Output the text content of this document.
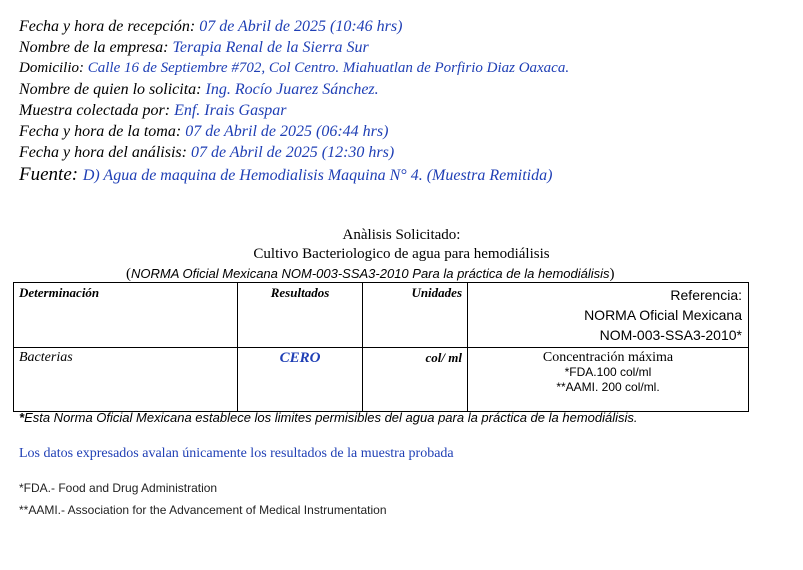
Fecha y hora de recepción: 07 de Abril de 2025 (10:46 hrs)
Nombre de la empresa: Terapia Renal de la Sierra Sur
Domicilio: Calle 16 de Septiembre #702, Col Centro. Miahuatlan de Porfirio Diaz Oaxaca.
Nombre de quien lo solicita: Ing. Rocío Juarez Sánchez.
Muestra colectada por: Enf. Irais Gaspar
Fecha y hora de la toma: 07 de Abril de 2025 (06:44 hrs)
Fecha y hora del análisis: 07 de Abril de 2025 (12:30 hrs)
Fuente: D) Agua de maquina de Hemodialisis Maquina N° 4. (Muestra Remitida)
Anàlisis Solicitado:
Cultivo Bacteriologico de agua para hemodiálisis
(NORMA Oficial Mexicana NOM-003-SSA3-2010 Para la práctica de la hemodiálisis)
Determinación	Resultados	Unidades	Referencia:
NORMA Oficial Mexicana
NOM-003-SSA3-2010*

Bacterias	CERO	col/ ml	Concentración máxima
*FDA.100 col/ml
**AAMI. 200 col/ml.
*Esta Norma Oficial Mexicana establece los limites permisibles del agua para la práctica de la hemodiálisis.
Los datos expresados avalan únicamente los resultados de la muestra probada
*FDA.- Food and Drug Administration
**AAMI.- Association for the Advancement of Medical Instrumentation
